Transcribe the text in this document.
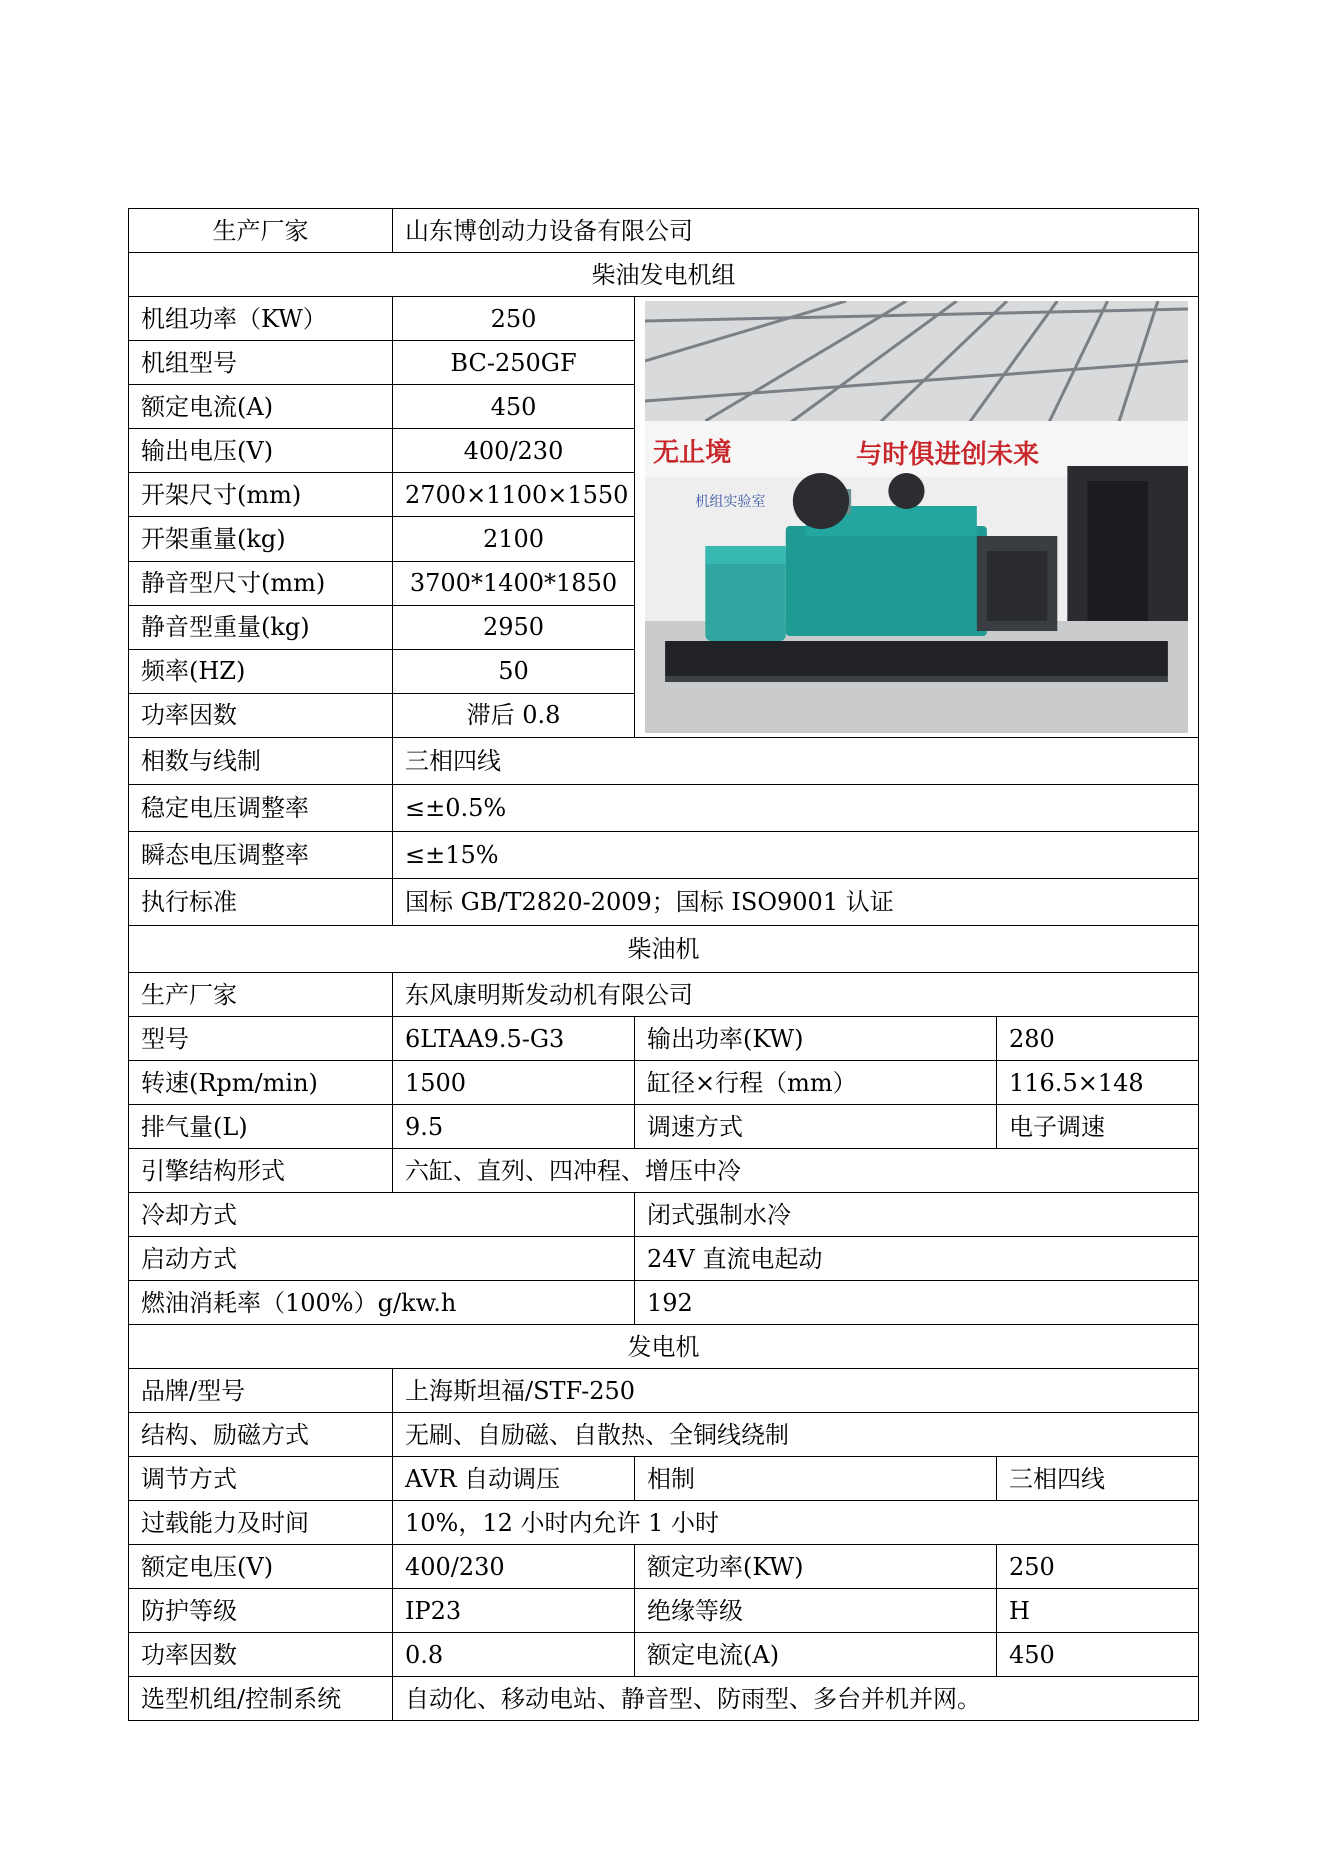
生产厂家	山东博创动力设备有限公司		
柴油发电机组			
机组功率（KW）	250	无止境 与时俱进创未来
机组实验室	

机组型号	BC-250GF		
额定电流(A)	450		
输出电压(V)	400/230		
开架尺寸(mm)	2700×1100×1550		
开架重量(kg)	2100		
静音型尺寸(mm)	3700*1400*1850		
静音型重量(kg)	2950		
频率(HZ)	50		
功率因数	滞后 0.8		
相数与线制	三相四线		
稳定电压调整率	≤±0.5%		
瞬态电压调整率	≤±15%		
执行标准	国标 GB/T2820-2009；国标 ISO9001 认证		
柴油机			
生产厂家	东风康明斯发动机有限公司		
型号	6LTAA9.5-G3	输出功率(KW)	280
转速(Rpm/min)	1500	缸径×行程（mm）	116.5×148
排气量(L)	9.5	调速方式	电子调速
引擎结构形式	六缸、直列、四冲程、增压中冷		
冷却方式		闭式强制水冷	
启动方式		24V 直流电起动	
燃油消耗率（100%）g/kw.h		192	
发电机			
品牌/型号	上海斯坦福/STF-250		
结构、励磁方式	无刷、自励磁、自散热、全铜线绕制		
调节方式	AVR 自动调压	相制	三相四线
过载能力及时间	10%，12 小时内允许 1 小时		
额定电压(V)	400/230	额定功率(KW)	250
防护等级	IP23	绝缘等级	H
功率因数	0.8	额定电流(A)	450
选型机组/控制系统	自动化、移动电站、静音型、防雨型、多台并机并网。		
